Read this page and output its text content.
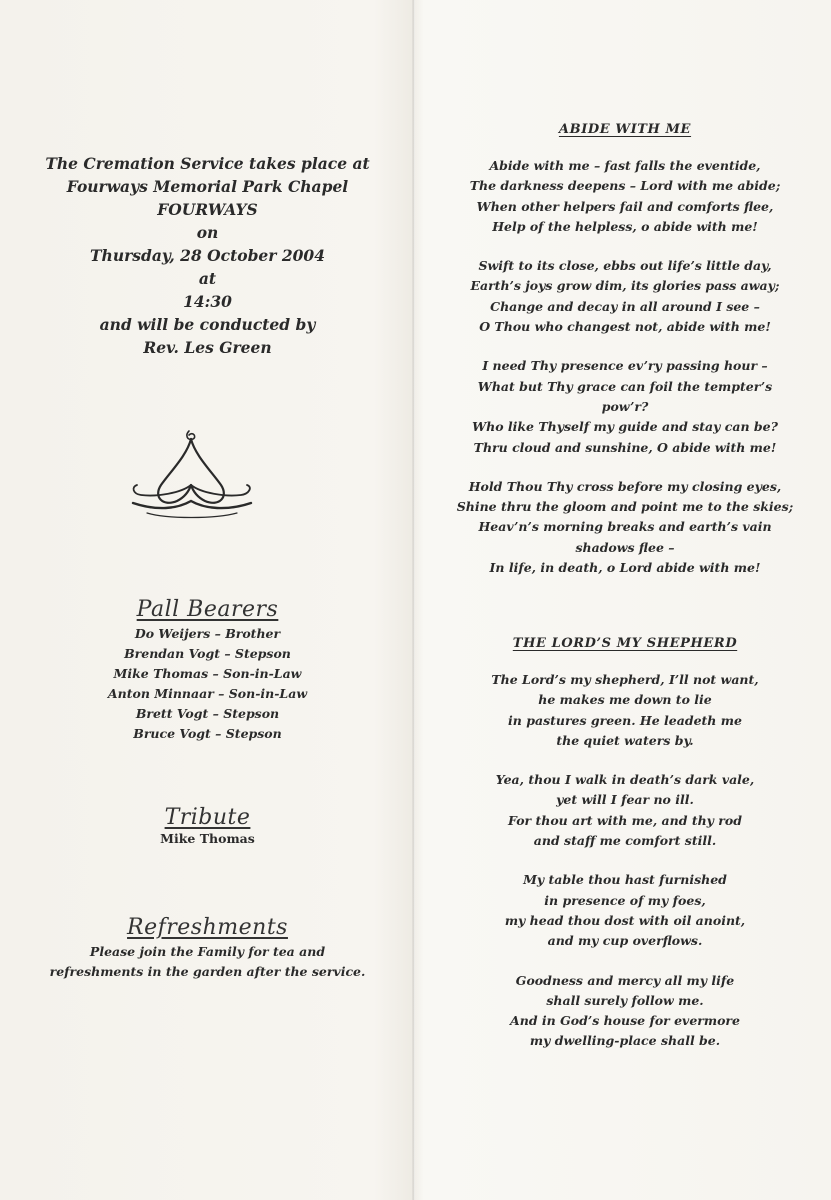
The Cremation Service takes place at
Fourways Memorial Park Chapel
FOURWAYS
on
Thursday, 28 October 2004
at
14:30
and will be conducted by
Rev. Les Green
Pall Bearers
Do Weijers – Brother
Brendan Vogt – Stepson
Mike Thomas – Son-in-Law
Anton Minnaar – Son-in-Law
Brett Vogt – Stepson
Bruce Vogt – Stepson
Tribute
Mike Thomas
Refreshments
Please join the Family for tea and
refreshments in the garden after the service.
ABIDE WITH ME
Abide with me – fast falls the eventide,
The darkness deepens – Lord with me abide;
When other helpers fail and comforts flee,
Help of the helpless, o abide with me!
Swift to its close, ebbs out life’s little day,
Earth’s joys grow dim, its glories pass away;
Change and decay in all around I see –
O Thou who changest not, abide with me!
I need Thy presence ev’ry passing hour –
What but Thy grace can foil the tempter’s
pow’r?
Who like Thyself my guide and stay can be?
Thru cloud and sunshine, O abide with me!
Hold Thou Thy cross before my closing eyes,
Shine thru the gloom and point me to the skies;
Heav’n’s morning breaks and earth’s vain
shadows flee –
In life, in death, o Lord abide with me!
THE LORD’S MY SHEPHERD
The Lord’s my shepherd, I’ll not want,
he makes me down to lie
in pastures green. He leadeth me
the quiet waters by.
Yea, thou I walk in death’s dark vale,
yet will I fear no ill.
For thou art with me, and thy rod
and staff me comfort still.
My table thou hast furnished
in presence of my foes,
my head thou dost with oil anoint,
and my cup overflows.
Goodness and mercy all my life
shall surely follow me.
And in God’s house for evermore
my dwelling-place shall be.
